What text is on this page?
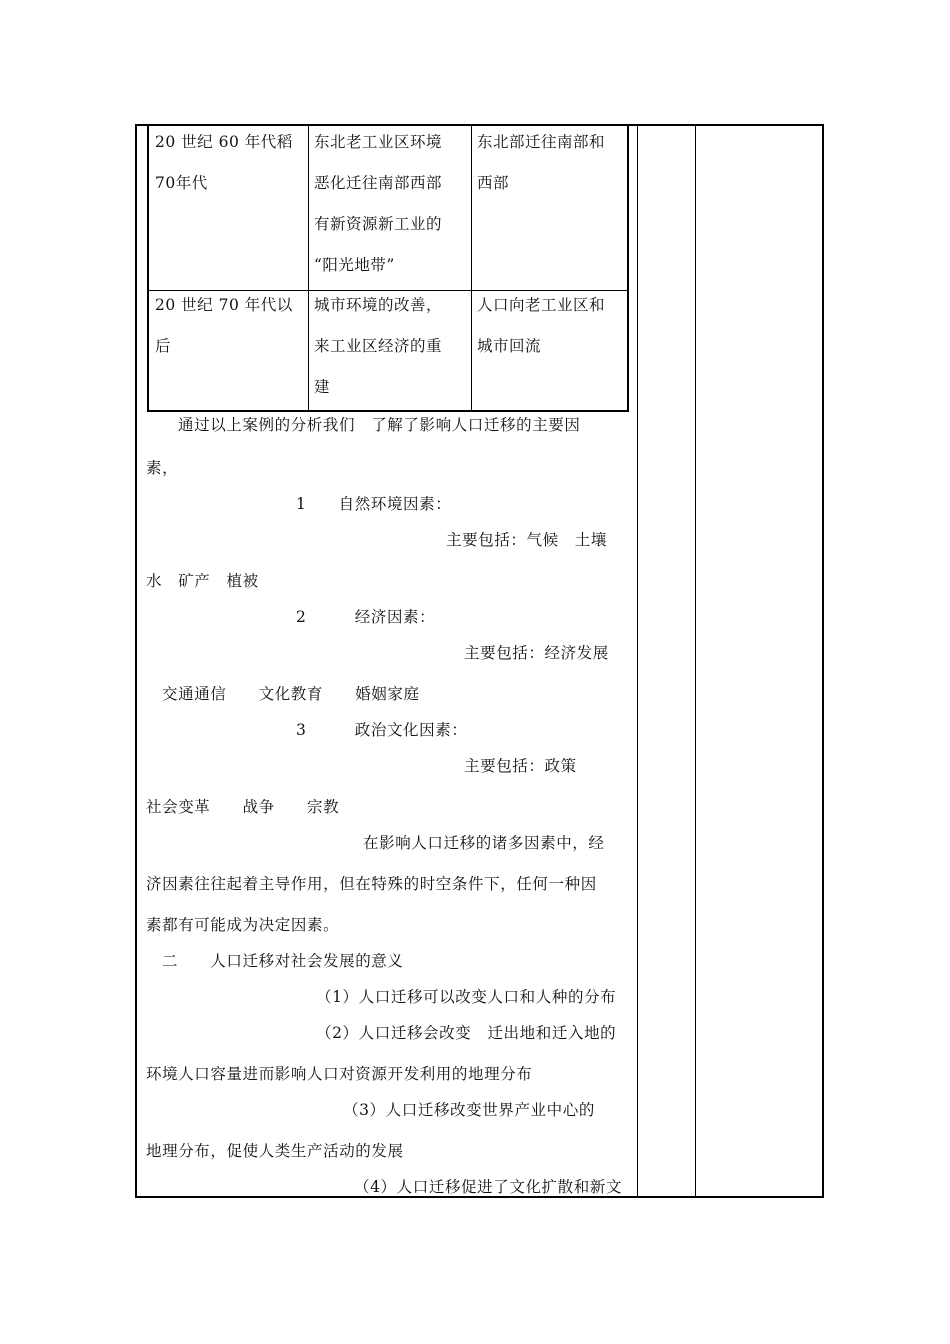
20 世纪 60 年代稻
70年代
东北老工业区环境
恶化迁往南部西部
有新资源新工业的
“阳光地带”
东北部迁往南部和
西部
20 世纪 70 年代以
后
城市环境的改善，
来工业区经济的重
建
人口向老工业区和
城市回流
通过以上案例的分析我们　了解了影响人口迁移的主要因
素，
1　　自然环境因素：
主要包括：气候　土壤
水　矿产　植被
2　　　经济因素：
主要包括：经济发展
交通通信　　文化教育　　婚姻家庭
3　　　政治文化因素：
主要包括：政策
社会变革　　战争　　宗教
在影响人口迁移的诸多因素中，经
济因素往往起着主导作用，但在特殊的时空条件下，任何一种因
素都有可能成为决定因素。
二　　人口迁移对社会发展的意义
（1）人口迁移可以改变人口和人种的分布
（2）人口迁移会改变　迁出地和迁入地的
环境人口容量进而影响人口对资源开发利用的地理分布
（3）人口迁移改变世界产业中心的
地理分布，促使人类生产活动的发展
（4）人口迁移促进了文化扩散和新文
